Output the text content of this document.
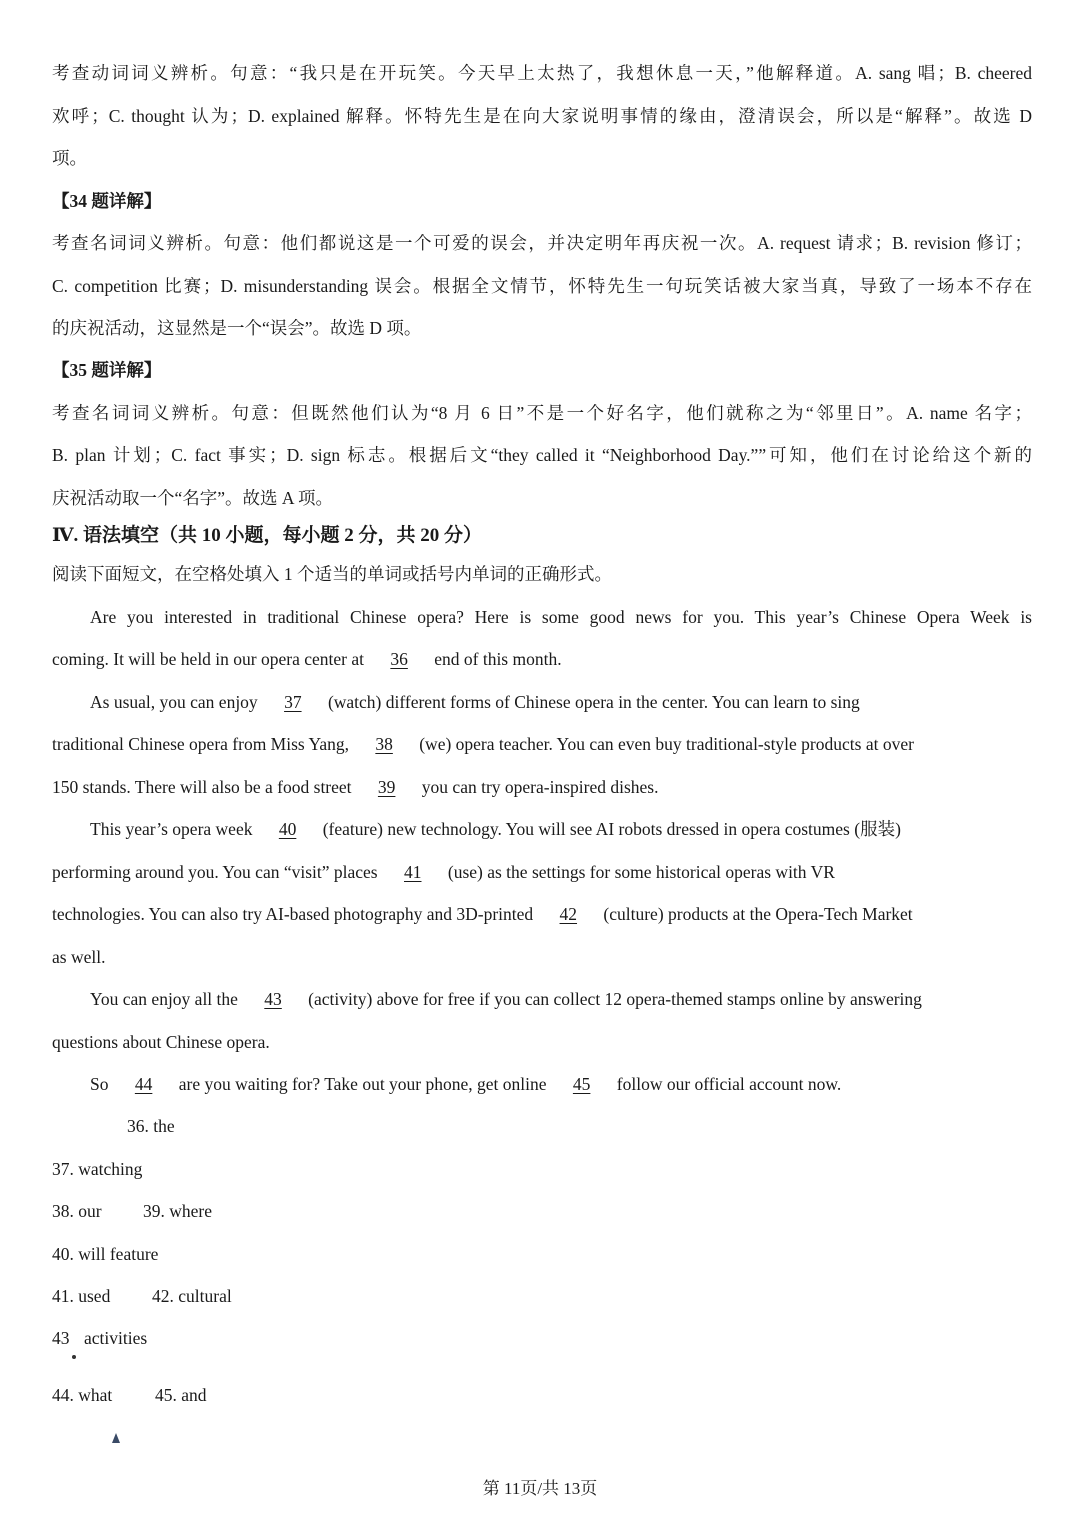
考查动词词义辨析。句意：“我只是在开玩笑。今天早上太热了，我想休息一天，”他解释道。A. sang 唱；B. cheered
欢呼；C. thought 认为；D. explained 解释。怀特先生是在向大家说明事情的缘由，澄清误会，所以是“解释”。故选 D
项。
【34 题详解】
考查名词词义辨析。句意：他们都说这是一个可爱的误会，并决定明年再庆祝一次。A. request 请求；B. revision 修订；
C. competition 比赛；D. misunderstanding 误会。根据全文情节，怀特先生一句玩笑话被大家当真，导致了一场本不存在
的庆祝活动，这显然是一个“误会”。故选 D 项。
【35 题详解】
考查名词词义辨析。句意：但既然他们认为“8 月 6 日”不是一个好名字，他们就称之为“邻里日”。A. name 名字；
B. plan 计划；C. fact 事实；D. sign 标志。根据后文“they called it “Neighborhood Day.””可知，他们在讨论给这个新的
庆祝活动取一个“名字”。故选 A 项。
Ⅳ. 语法填空（共 10 小题，每小题 2 分，共 20 分）
阅读下面短文，在空格处填入 1 个适当的单词或括号内单词的正确形式。
Are you interested in traditional Chinese opera? Here is some good news for you. This year’s Chinese Opera Week is
coming. It will be held in our opera center at 36 end of this month.
As usual, you can enjoy 37 (watch) different forms of Chinese opera in the center. You can learn to sing
traditional Chinese opera from Miss Yang, 38 (we) opera teacher. You can even buy traditional-style products at over
150 stands. There will also be a food street 39 you can try opera-inspired dishes.
This year’s opera week 40 (feature) new technology. You will see AI robots dressed in opera costumes (服装)
performing around you. You can “visit” places 41 (use) as the settings for some historical operas with VR
technologies. You can also try AI-based photography and 3D-printed 42 (culture) products at the Opera-Tech Market
as well.
You can enjoy all the 43 (activity) above for free if you can collect 12 opera-themed stamps online by answering
questions about Chinese opera.
So 44 are you waiting for? Take out your phone, get online 45 follow our official account now.
36. the
37. watching
38. our 39. where
40. will feature
41. used 42. cultural
43 activities
44. what 45. and
第 11页/共 13页
